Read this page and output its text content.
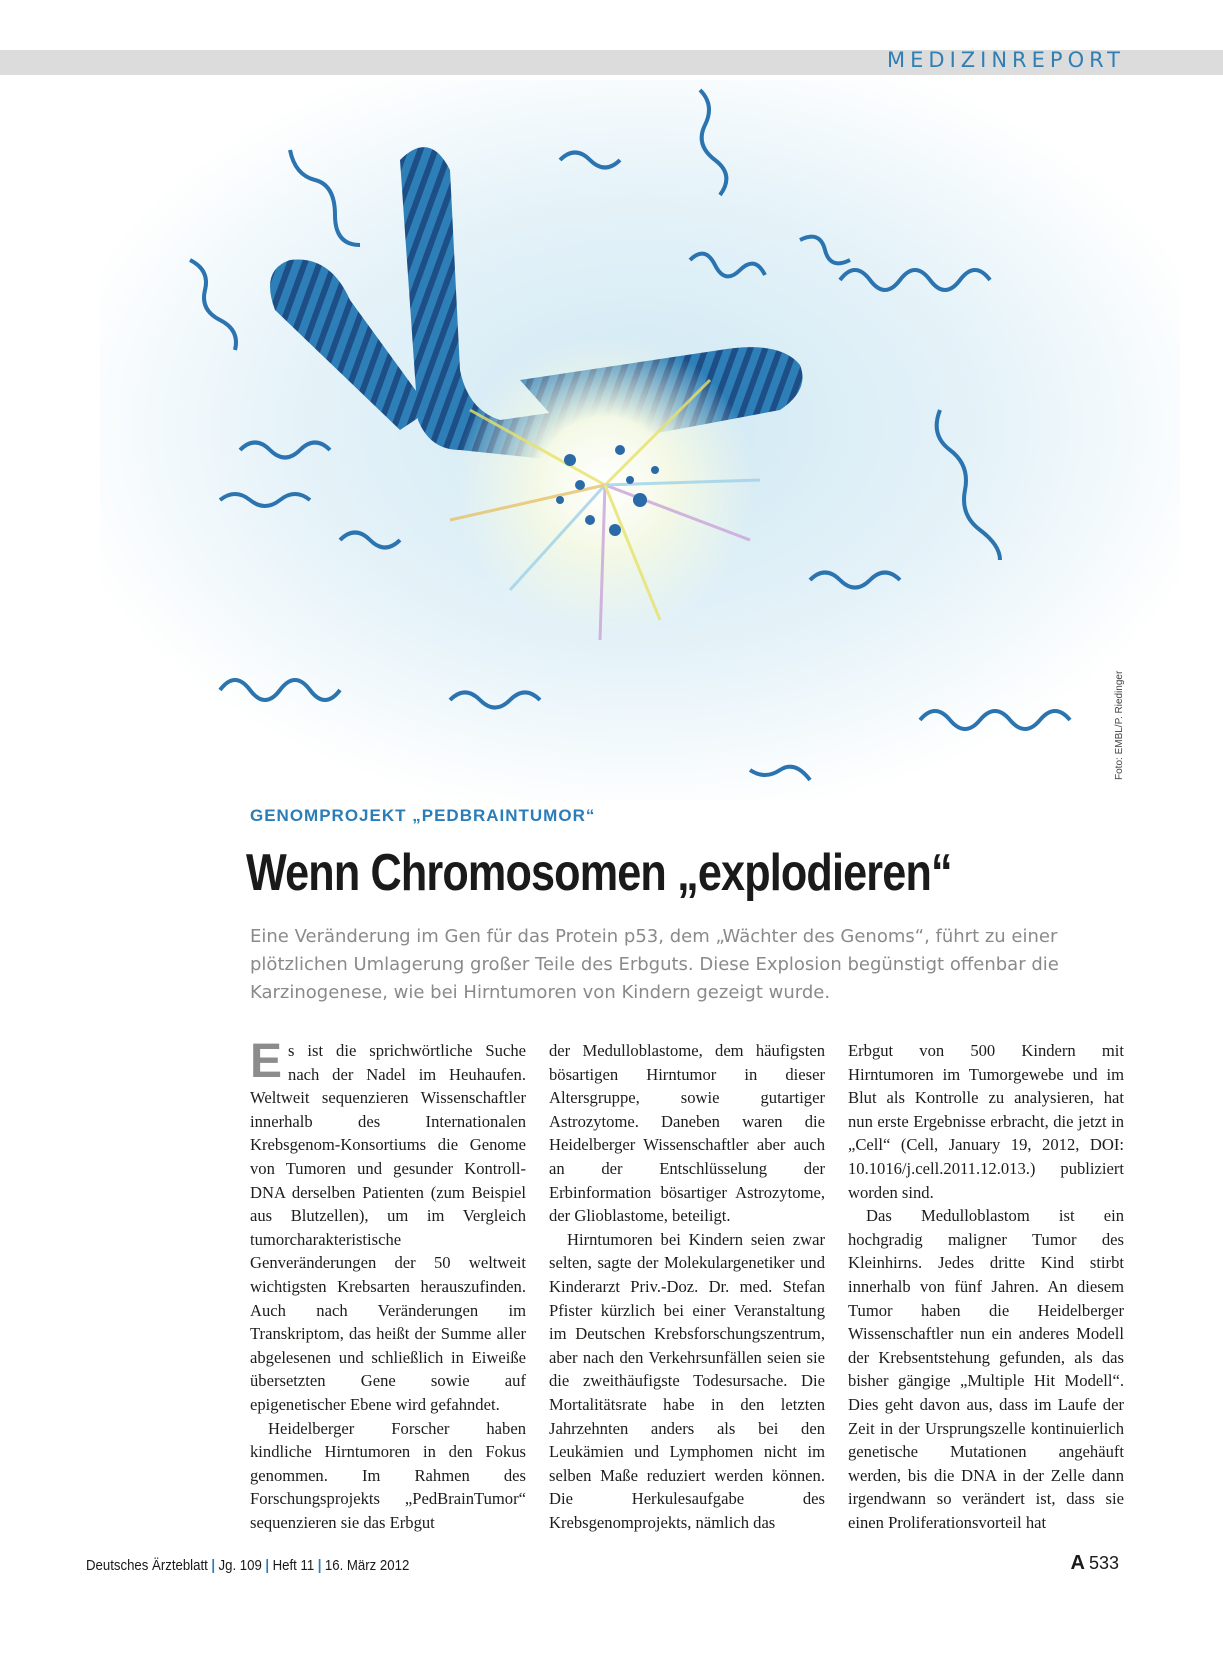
MEDIZINREPORT
Foto: EMBL/P. Riedinger
GENOMPROJEKT „PEDBRAINTUMOR“
Wenn Chromosomen „explodieren“

Eine Veränderung im Gen für das Protein p53, dem „Wächter des Genoms“, führt zu einer plötzlichen Umlagerung großer Teile des Erbguts. Diese Explosion begünstigt offenbar die Karzinogenese, wie bei Hirntumoren von Kindern gezeigt wurde.

Es ist die sprichwörtliche Suche nach der Nadel im Heuhaufen. Weltweit sequenzieren Wissenschaftler innerhalb des Internationalen Krebsgenom-Konsortiums die Genome von Tumoren und gesunder Kontroll-DNA derselben Patienten (zum Beispiel aus Blutzellen), um im Vergleich tumorcharakteristische Genveränderungen der 50 weltweit wichtigsten Krebsarten herauszufinden. Auch nach Veränderungen im Transkriptom, das heißt der Summe aller abgelesenen und schließlich in Eiweiße übersetzten Gene sowie auf epigenetischer Ebene wird gefahndet.

Heidelberger Forscher haben kindliche Hirntumoren in den Fokus genommen. Im Rahmen des Forschungsprojekts „PedBrainTumor“ sequenzieren sie das Erbgut

der Medulloblastome, dem häufigsten bösartigen Hirntumor in dieser Altersgruppe, sowie gutartiger Astrozytome. Daneben waren die Heidelberger Wissenschaftler aber auch an der Entschlüsselung der Erbinformation bösartiger Astrozytome, der Glioblastome, beteiligt.

Hirntumoren bei Kindern seien zwar selten, sagte der Molekulargenetiker und Kinderarzt Priv.-Doz. Dr. med. Stefan Pfister kürzlich bei einer Veranstaltung im Deutschen Krebsforschungszentrum, aber nach den Verkehrsunfällen seien sie die zweithäufigste Todesursache. Die Mortalitätsrate habe in den letzten Jahrzehnten anders als bei den Leukämien und Lymphomen nicht im selben Maße reduziert werden können. Die Herkulesaufgabe des Krebsgenomprojekts, nämlich das

Erbgut von 500 Kindern mit Hirntumoren im Tumorgewebe und im Blut als Kontrolle zu analysieren, hat nun erste Ergebnisse erbracht, die jetzt in „Cell“ (Cell, January 19, 2012, DOI: 10.1016/j.cell.2011.12.013.) publiziert worden sind.

Das Medulloblastom ist ein hochgradig maligner Tumor des Kleinhirns. Jedes dritte Kind stirbt innerhalb von fünf Jahren. An diesem Tumor haben die Heidelberger Wissenschaftler nun ein anderes Modell der Krebsentstehung gefunden, als das bisher gängige „Multiple Hit Modell“. Dies geht davon aus, dass im Laufe der Zeit in der Ursprungszelle kontinuierlich genetische Mutationen angehäuft werden, bis die DNA in der Zelle dann irgendwann so verändert ist, dass sie einen Proliferationsvorteil hat

Deutsches Ärzteblatt | Jg. 109 | Heft 11 | 16. März 2012	A 533
